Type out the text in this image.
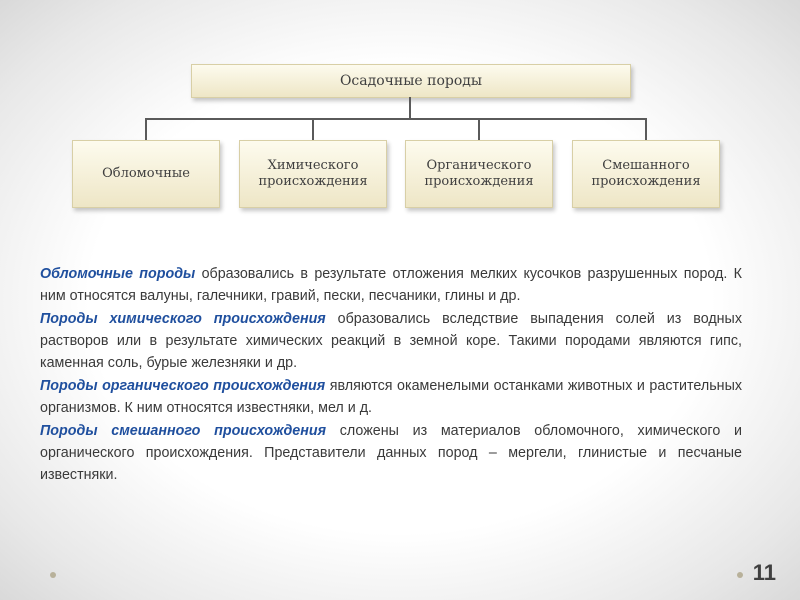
Осадочные породы
Обломочные
Химического происхождения
Органического происхождения
Смешанного происхождения

Обломочные породы образовались в результате отложения мелких кусочков разрушенных пород. К ним относятся валуны, галечники, гравий, пески, песчаники, глины и др.

Породы химического происхождения образовались вследствие выпадения солей из водных растворов или в результате химических реакций в земной коре. Такими породами являются гипс, каменная соль, бурые железняки и др.

Породы органического происхождения являются окаменелыми останками животных и растительных организмов. К ним относятся известняки, мел и д.

Породы смешанного происхождения сложены из материалов обломочного, химического и органического происхождения. Представители данных пород – мергели, глинистые и песчаные известняки.

11
